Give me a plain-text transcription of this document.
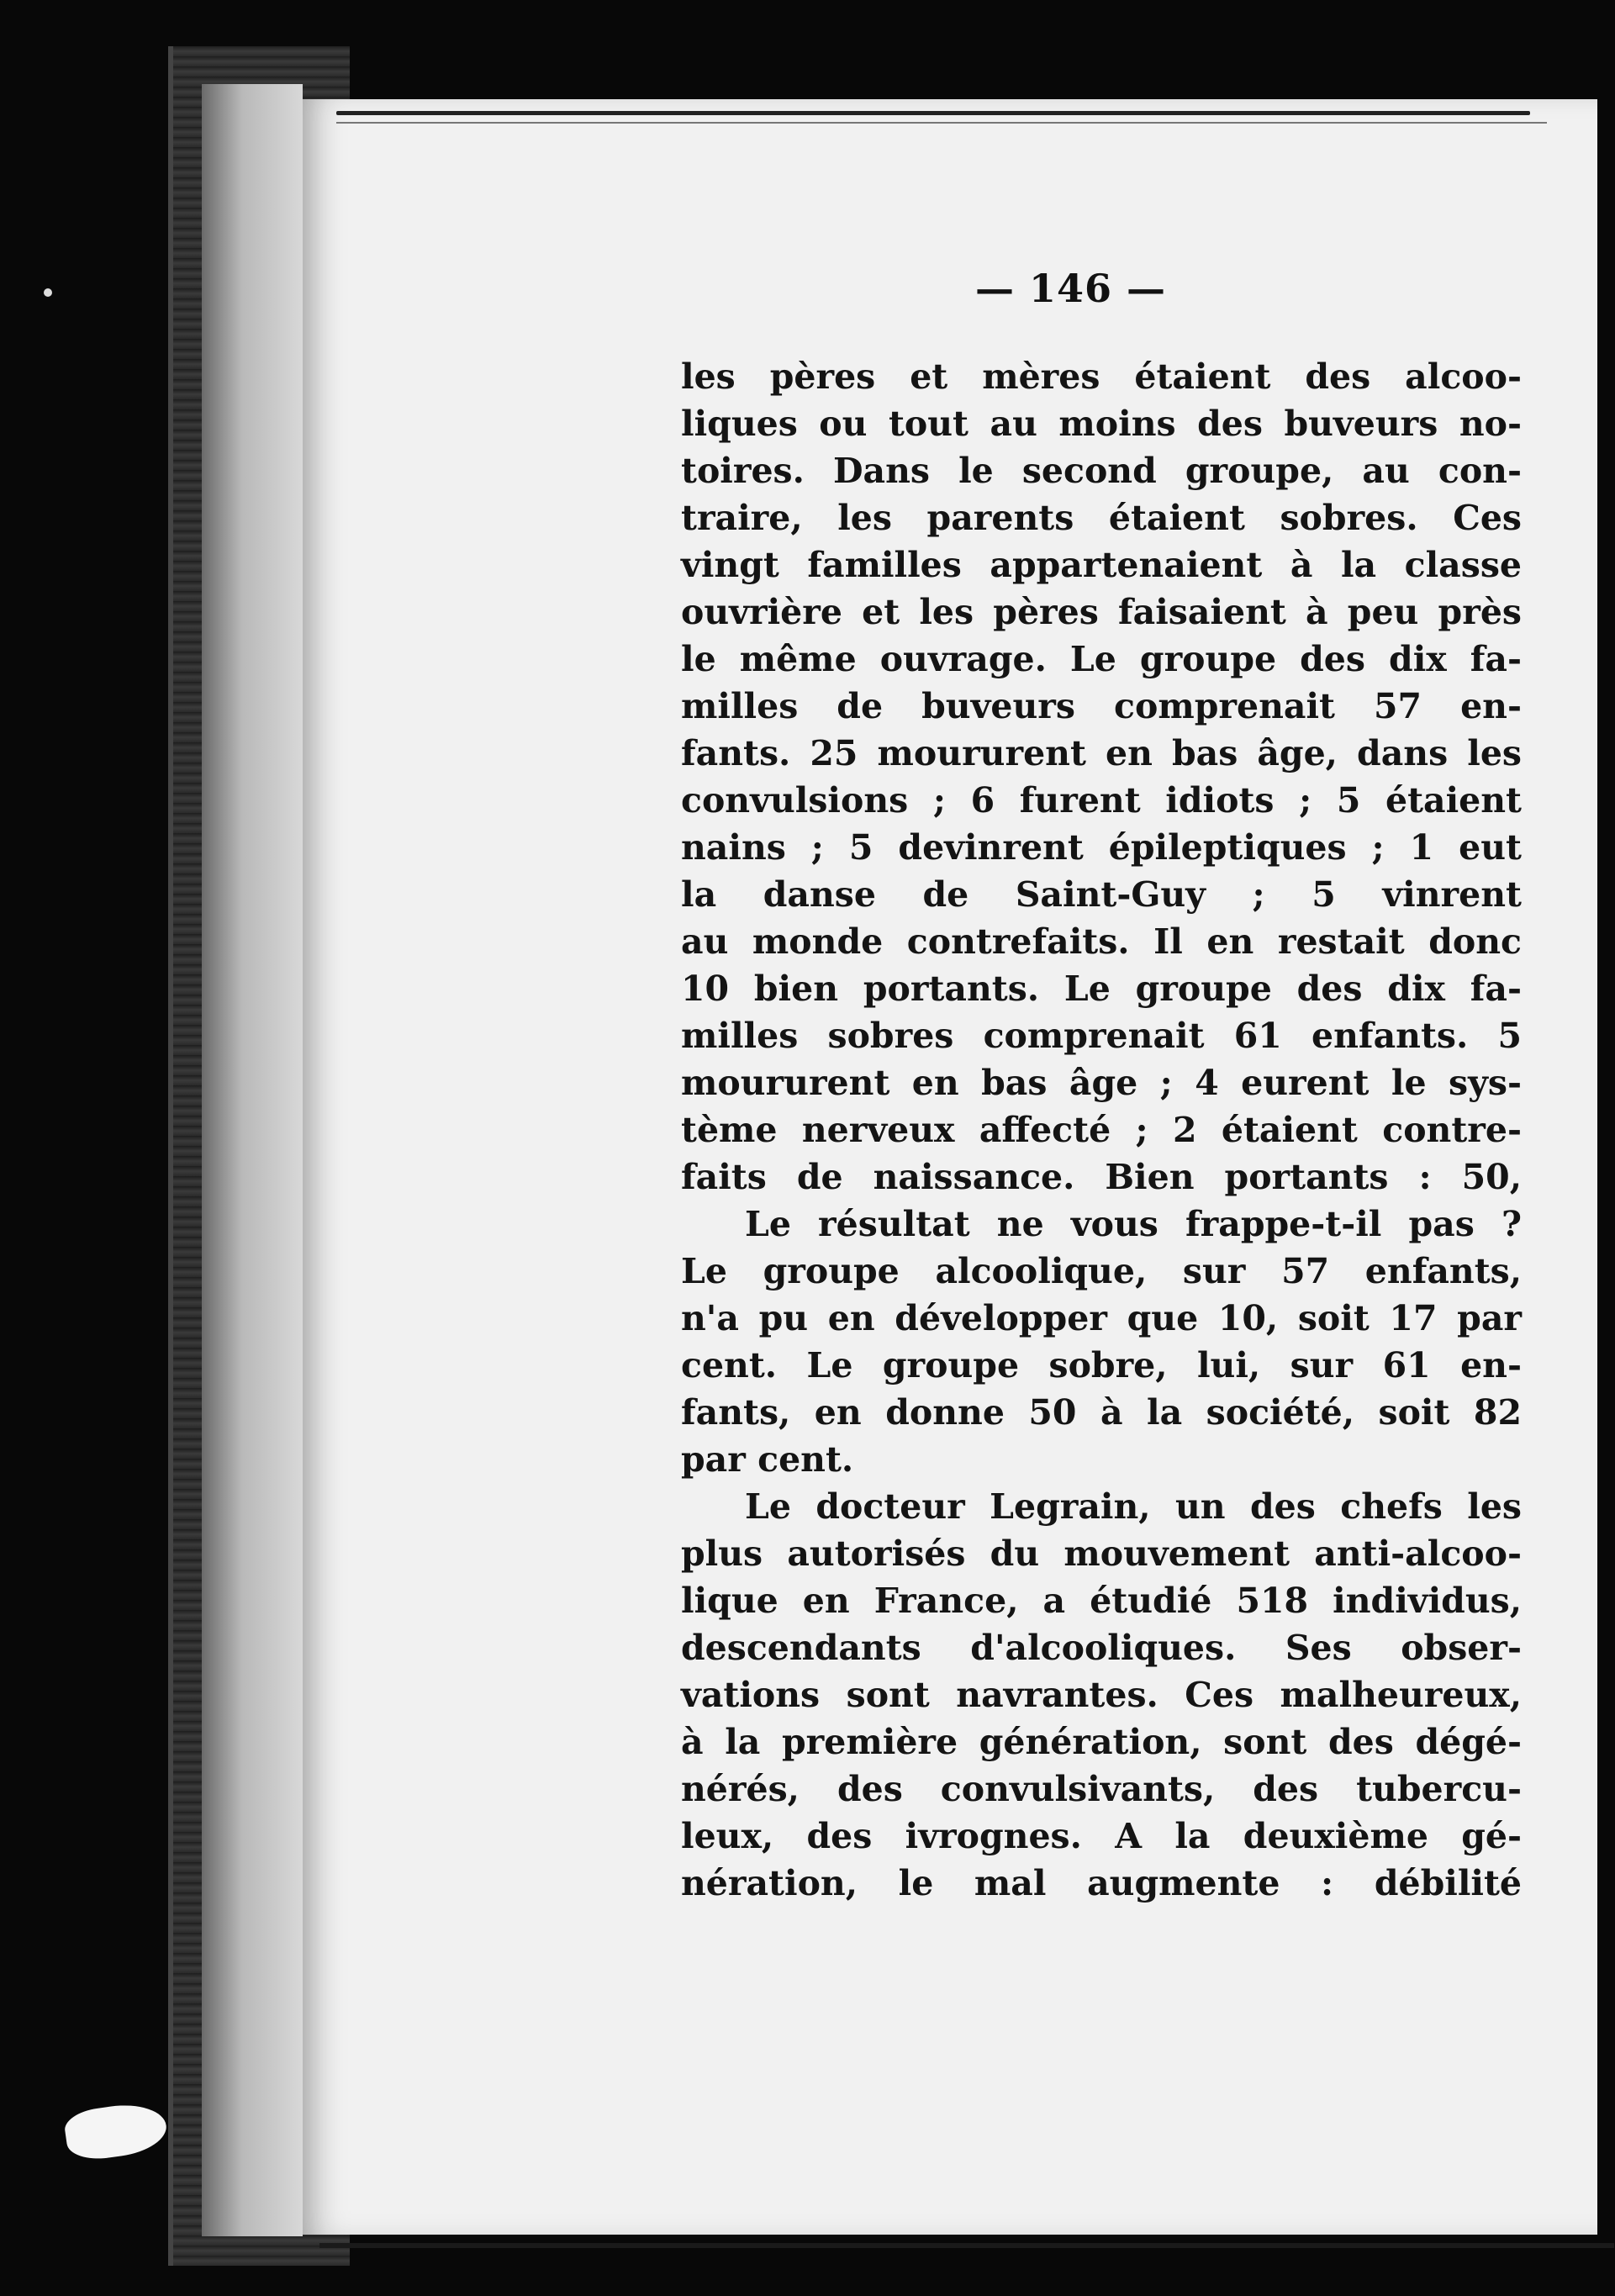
— 146 —
les pères et mères étaient des alcoo-
liques ou tout au moins des buveurs no-
toires. Dans le second groupe, au con-
traire, les parents étaient sobres. Ces
vingt familles appartenaient à la classe
ouvrière et les pères faisaient à peu près
le même ouvrage. Le groupe des dix fa-
milles de buveurs comprenait 57 en-
fants. 25 moururent en bas âge, dans les
convulsions ; 6 furent idiots ; 5 étaient
nains ; 5 devinrent épileptiques ; 1 eut
la danse de Saint-Guy ; 5 vinrent
au monde contrefaits. Il en restait donc
10 bien portants. Le groupe des dix fa-
milles sobres comprenait 61 enfants. 5
moururent en bas âge ; 4 eurent le sys-
tème nerveux affecté ; 2 étaient contre-
faits de naissance. Bien portants : 50,
Le résultat ne vous frappe-t-il pas ?
Le groupe alcoolique, sur 57 enfants,
n'a pu en développer que 10, soit 17 par
cent. Le groupe sobre, lui, sur 61 en-
fants, en donne 50 à la société, soit 82
par cent.
Le docteur Legrain, un des chefs les
plus autorisés du mouvement anti-alcoo-
lique en France, a étudié 518 individus,
descendants d'alcooliques. Ses obser-
vations sont navrantes. Ces malheureux,
à la première génération, sont des dégé-
nérés, des convulsivants, des tubercu-
leux, des ivrognes. A la deuxième gé-
nération, le mal augmente : débilité
